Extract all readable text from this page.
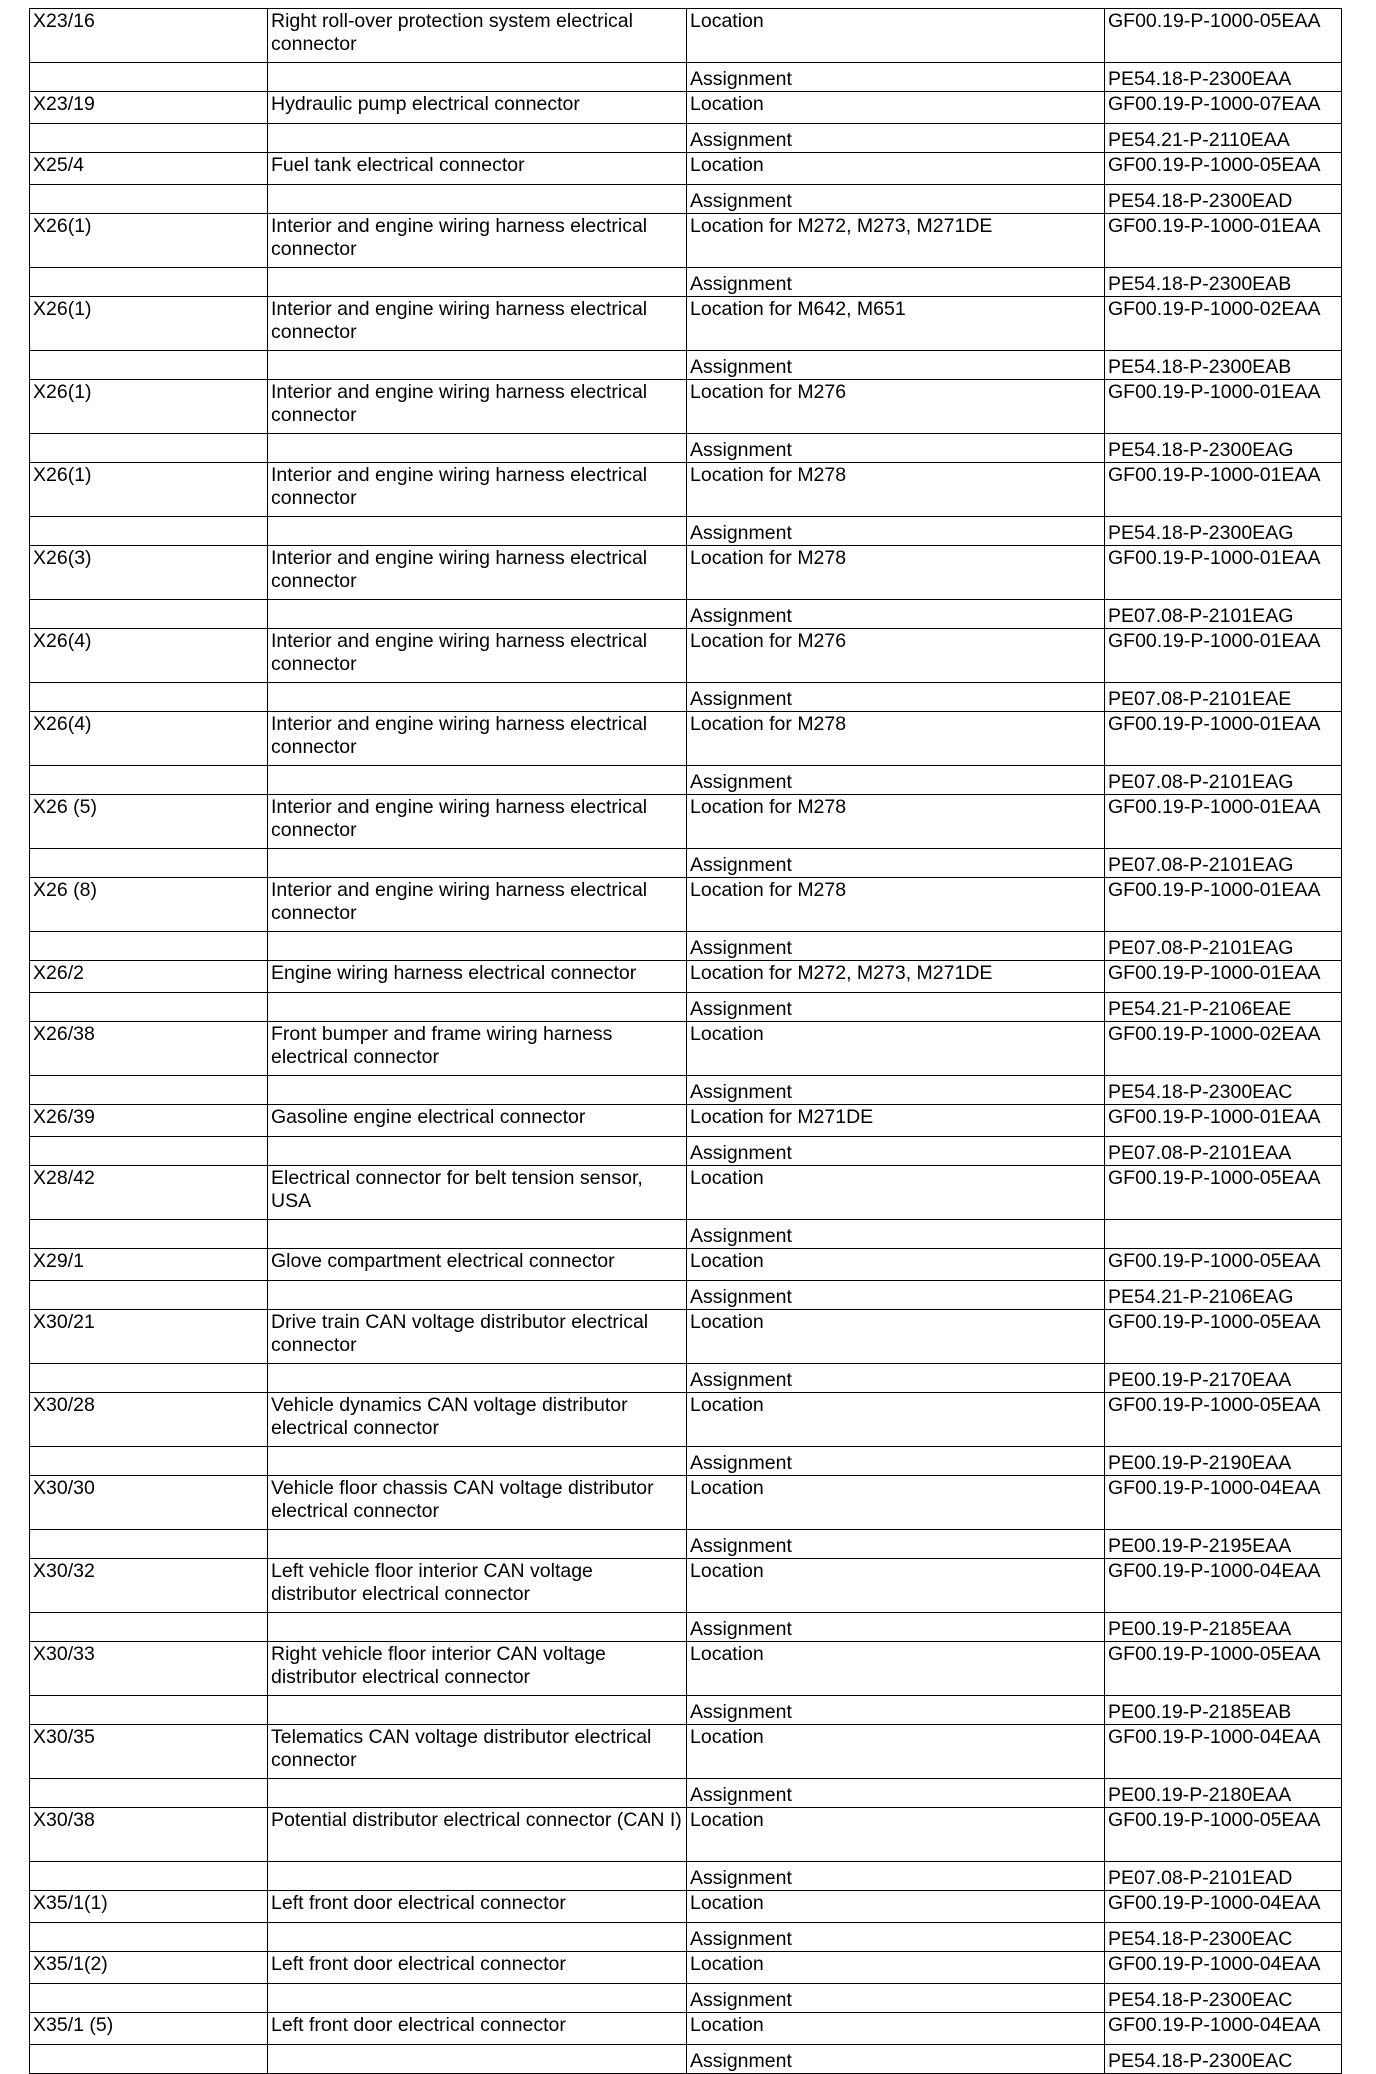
X23/16	Right roll-over protection system electrical connector	Location	GF00.19-P-1000-05EAA
		Assignment	PE54.18-P-2300EAA
X23/19	Hydraulic pump electrical connector	Location	GF00.19-P-1000-07EAA
		Assignment	PE54.21-P-2110EAA
X25/4	Fuel tank electrical connector	Location	GF00.19-P-1000-05EAA
		Assignment	PE54.18-P-2300EAD
X26(1)	Interior and engine wiring harness electrical connector	Location for M272, M273, M271DE	GF00.19-P-1000-01EAA
		Assignment	PE54.18-P-2300EAB
X26(1)	Interior and engine wiring harness electrical connector	Location for M642, M651	GF00.19-P-1000-02EAA
		Assignment	PE54.18-P-2300EAB
X26(1)	Interior and engine wiring harness electrical connector	Location for M276	GF00.19-P-1000-01EAA
		Assignment	PE54.18-P-2300EAG
X26(1)	Interior and engine wiring harness electrical connector	Location for M278	GF00.19-P-1000-01EAA
		Assignment	PE54.18-P-2300EAG
X26(3)	Interior and engine wiring harness electrical connector	Location for M278	GF00.19-P-1000-01EAA
		Assignment	PE07.08-P-2101EAG
X26(4)	Interior and engine wiring harness electrical connector	Location for M276	GF00.19-P-1000-01EAA
		Assignment	PE07.08-P-2101EAE
X26(4)	Interior and engine wiring harness electrical connector	Location for M278	GF00.19-P-1000-01EAA
		Assignment	PE07.08-P-2101EAG
X26 (5)	Interior and engine wiring harness electrical connector	Location for M278	GF00.19-P-1000-01EAA
		Assignment	PE07.08-P-2101EAG
X26 (8)	Interior and engine wiring harness electrical connector	Location for M278	GF00.19-P-1000-01EAA
		Assignment	PE07.08-P-2101EAG
X26/2	Engine wiring harness electrical connector	Location for M272, M273, M271DE	GF00.19-P-1000-01EAA
		Assignment	PE54.21-P-2106EAE
X26/38	Front bumper and frame wiring harness electrical connector	Location	GF00.19-P-1000-02EAA
		Assignment	PE54.18-P-2300EAC
X26/39	Gasoline engine electrical connector	Location for M271DE	GF00.19-P-1000-01EAA
		Assignment	PE07.08-P-2101EAA
X28/42	Electrical connector for belt tension sensor, USA	Location	GF00.19-P-1000-05EAA
		Assignment	
X29/1	Glove compartment electrical connector	Location	GF00.19-P-1000-05EAA
		Assignment	PE54.21-P-2106EAG
X30/21	Drive train CAN voltage distributor electrical connector	Location	GF00.19-P-1000-05EAA
		Assignment	PE00.19-P-2170EAA
X30/28	Vehicle dynamics CAN voltage distributor electrical connector	Location	GF00.19-P-1000-05EAA
		Assignment	PE00.19-P-2190EAA
X30/30	Vehicle floor chassis CAN voltage distributor electrical connector	Location	GF00.19-P-1000-04EAA
		Assignment	PE00.19-P-2195EAA
X30/32	Left vehicle floor interior CAN voltage distributor electrical connector	Location	GF00.19-P-1000-04EAA
		Assignment	PE00.19-P-2185EAA
X30/33	Right vehicle floor interior CAN voltage distributor electrical connector	Location	GF00.19-P-1000-05EAA
		Assignment	PE00.19-P-2185EAB
X30/35	Telematics CAN voltage distributor electrical connector	Location	GF00.19-P-1000-04EAA
		Assignment	PE00.19-P-2180EAA
X30/38	Potential distributor electrical connector (CAN I)	Location	GF00.19-P-1000-05EAA
		Assignment	PE07.08-P-2101EAD
X35/1(1)	Left front door electrical connector	Location	GF00.19-P-1000-04EAA
		Assignment	PE54.18-P-2300EAC
X35/1(2)	Left front door electrical connector	Location	GF00.19-P-1000-04EAA
		Assignment	PE54.18-P-2300EAC
X35/1 (5)	Left front door electrical connector	Location	GF00.19-P-1000-04EAA
		Assignment	PE54.18-P-2300EAC
